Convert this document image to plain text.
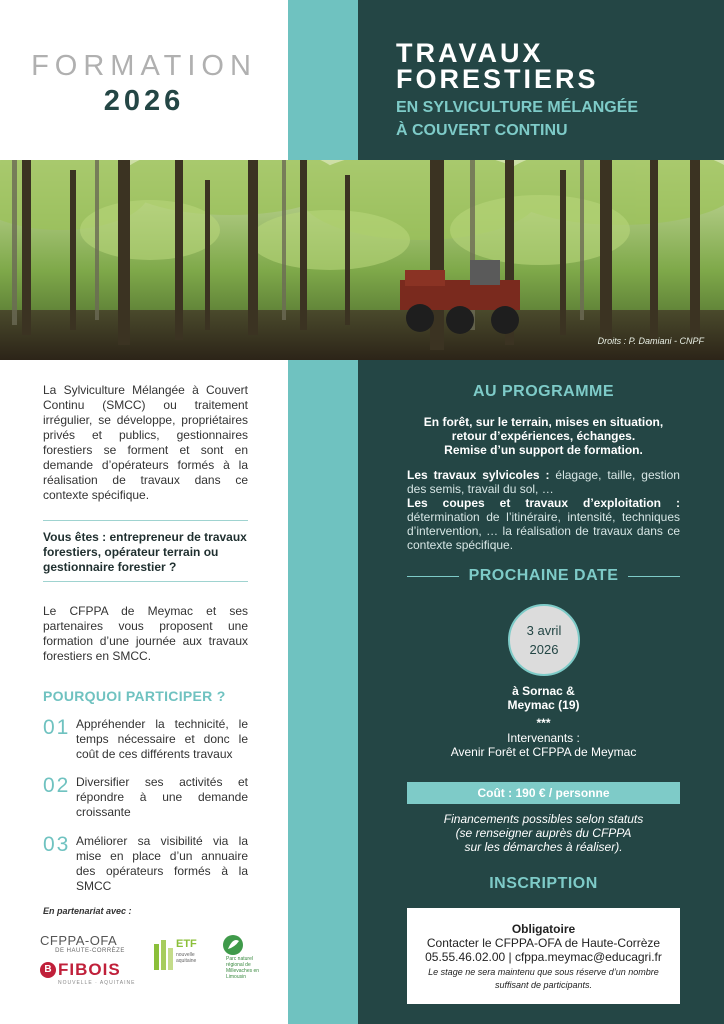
FORMATION
2026
TRAVAUX
FORESTIERS
EN SYLVICULTURE MÉLANGÉE
À COUVERT CONTINU
Droits : P. Damiani - CNPF
La Sylviculture Mélangée à Couvert Continu (SMCC) ou traitement irrégulier, se développe, propriétaires privés et publics, gestionnaires forestiers se forment et sont en demande d’opérateurs formés à la réalisation de travaux dans ce contexte spécifique.
Vous êtes : entrepreneur de travaux forestiers, opérateur terrain ou gestionnaire forestier ?
Le CFPPA de Meymac et ses partenaires vous proposent une formation d’une journée aux travaux forestiers en SMCC.
POURQUOI PARTICIPER ?
01 Appréhender la technicité, le temps nécessaire et donc le coût de ces différents travaux
02 Diversifier ses activités et répondre à une demande croissante
03 Améliorer sa visibilité via la mise en place d’un annuaire des opérateurs formés à la SMCC
En partenariat avec :
CFPPA-OFA
DE HAUTE-CORRÈZE
B FIBOIS
NOUVELLE · AQUITAINE
ETF
nouvelle aquitaine	Parc naturel régional de Millevaches en Limousin
AU PROGRAMME
En forêt, sur le terrain, mises en situation,
retour d’expériences, échanges.
Remise d’un support de formation.
Les travaux sylvicoles : élagage, taille, gestion des semis, travail du sol, …
Les coupes et travaux d’exploitation : détermination de l’itinéraire, intensité, techniques d’intervention, … la réalisation de travaux dans ce contexte spécifique.
PROCHAINE DATE
3 avril
2026
à Sornac &
Meymac (19)
***
Intervenants :
Avenir Forêt et CFPPA de Meymac
Coût : 190 € / personne
Financements possibles selon statuts
(se renseigner auprès du CFPPA
sur les démarches à réaliser).
INSCRIPTION
Obligatoire
Contacter le CFPPA-OFA de Haute-Corrèze
05.55.46.02.00 | cfppa.meymac@educagri.fr
Le stage ne sera maintenu que sous réserve d’un nombre suffisant de participants.
